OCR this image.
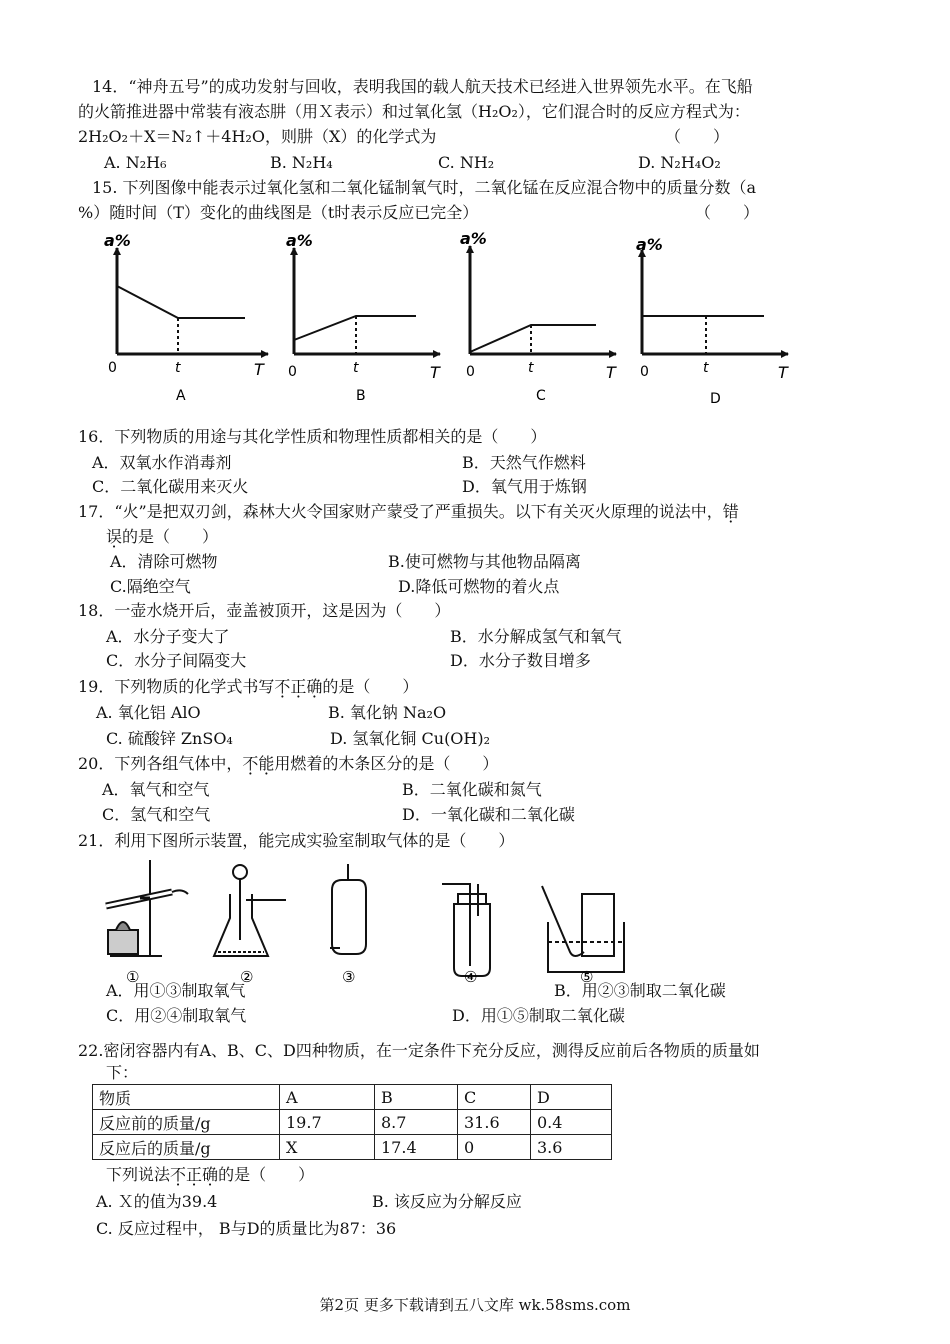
14．“神舟五号”的成功发射与回收，表明我国的载人航天技术已经进入世界领先水平。在飞船
的火箭推进器中常装有液态肼（用Ｘ表示）和过氧化氢（H₂O₂），它们混合时的反应方程式为：
2H₂O₂＋X＝N₂↑＋4H₂O，则肼（X）的化学式为	（　　）
A. N₂H₆	B. N₂H₄	C. NH₂	D. N₂H₄O₂
15. 下列图像中能表示过氧化氢和二氧化锰制氧气时，二氧化锰在反应混合物中的质量分数（a
%）随时间（T）变化的曲线图是（t时表示反应已完全）	（　　）
a%
0	t	T
A
a%
0	t	T
B
a%
0	t	T
C
a%
0	t	T
D
16．下列物质的用途与其化学性质和物理性质都相关的是（　　）
A．双氧水作消毒剂	B．天然气作燃料
C．二氧化碳用来灭火	D．氧气用于炼钢
17．“火”是把双刃剑，森林大火令国家财产蒙受了严重损失。以下有关灭火原理的说法中，错
误的是（　　）
A．清除可燃物	B.使可燃物与其他物品隔离
C.隔绝空气	D.降低可燃物的着火点
18．一壶水烧开后，壶盖被顶开，这是因为（　　）
A．水分子变大了	B．水分解成氢气和氧气
C．水分子间隔变大	D．水分子数目增多
19．下列物质的化学式书写不正确的是（　　）
A. 氧化铝 AlO	B. 氧化钠 Na₂O
C. 硫酸锌 ZnSO₄	D. 氢氧化铜 Cu(OH)₂
20．下列各组气体中，不能用燃着的木条区分的是（　　）
A．氧气和空气	B．二氧化碳和氮气
C．氢气和空气	D．一氧化碳和二氧化碳
21．利用下图所示装置，能完成实验室制取气体的是（　　）
①	②	③	④	⑤
A．用①③制取氧气	B．用②③制取二氧化碳
C．用②④制取氧气	D．用①⑤制取二氧化碳
22.密闭容器内有A、B、C、D四种物质，在一定条件下充分反应，测得反应前后各物质的质量如
下：
物质	A	B	C	D
反应前的质量/g	19.7	8.7	31.6	0.4
反应后的质量/g	X	17.4	0	3.6
下列说法不正确的是（　　）
A. Ｘ的值为39.4	B. 该反应为分解反应
C. 反应过程中， B与D的质量比为87：36
第2页 更多下载请到五八文库 wk.58sms.com
